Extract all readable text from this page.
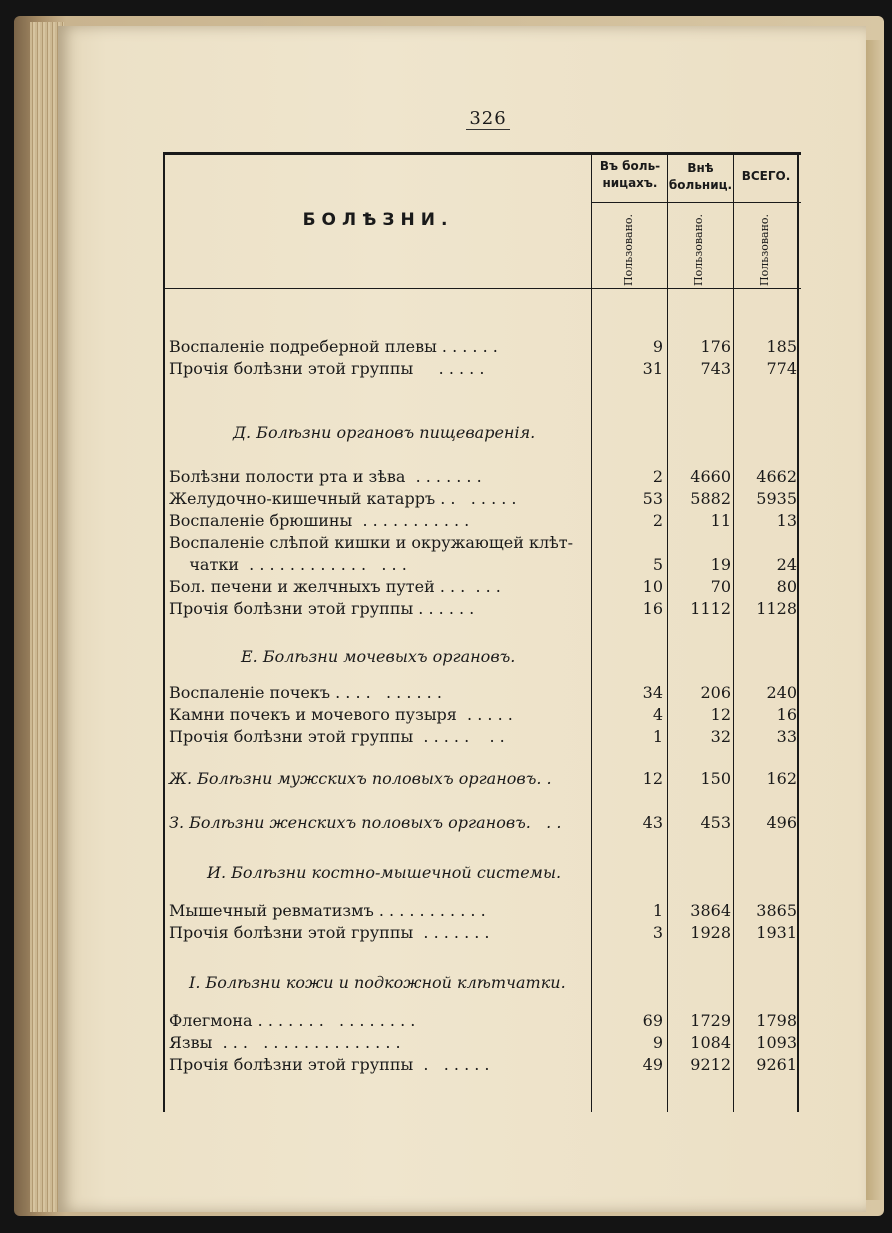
326
БОЛѢЗНИ.
Въ боль-
ницахъ.
Внѣ
больниц.
ВСЕГО.
Пользовано.	Пользовано.	Пользовано.
Воспаленіе подреберной плевы . . . . . .	9	176	185
Прочія болѣзни этой группы     . . . . .	31	743	774
Д. Болѣзни органовъ пищеваренія.
Болѣзни полости рта и зѣва  . . . . . . .	2	4660	4662
Желудочно-кишечный катарръ . .   . . . . .	53	5882	5935
Воспаленіе брюшины  . . . . . . . . . . .	2	11	13
Воспаленіе слѣпой кишки и окружающей клѣт-
чатки  . . . . . . . . . . . .   . . .	5	19	24
Бол. печени и желчныхъ путей . . .  . . .	10	70	80
Прочія болѣзни этой группы . . . . . .	16	1112	1128
Е. Болѣзни мочевыхъ органовъ.
Воспаленіе почекъ . . . .   . . . . . .	34	206	240
Камни почекъ и мочевого пузыря  . . . . .	4	12	16
Прочія болѣзни этой группы  . . . . .    . .	1	32	33
Ж. Болѣзни мужскихъ половыхъ органовъ. .	12	150	162
З. Болѣзни женскихъ половыхъ органовъ.   . .	43	453	496
И. Болѣзни костно-мышечной системы.
Мышечный ревматизмъ . . . . . . . . . . .	1	3864	3865
Прочія болѣзни этой группы  . . . . . . .	3	1928	1931
І. Болѣзни кожи и подкожной клѣтчатки.
Флегмона . . . . . . .   . . . . . . . .	69	1729	1798
Язвы  . . .   . . . . . . . . . . . . . .	9	1084	1093
Прочія болѣзни этой группы  .   . . . . .	49	9212	9261
